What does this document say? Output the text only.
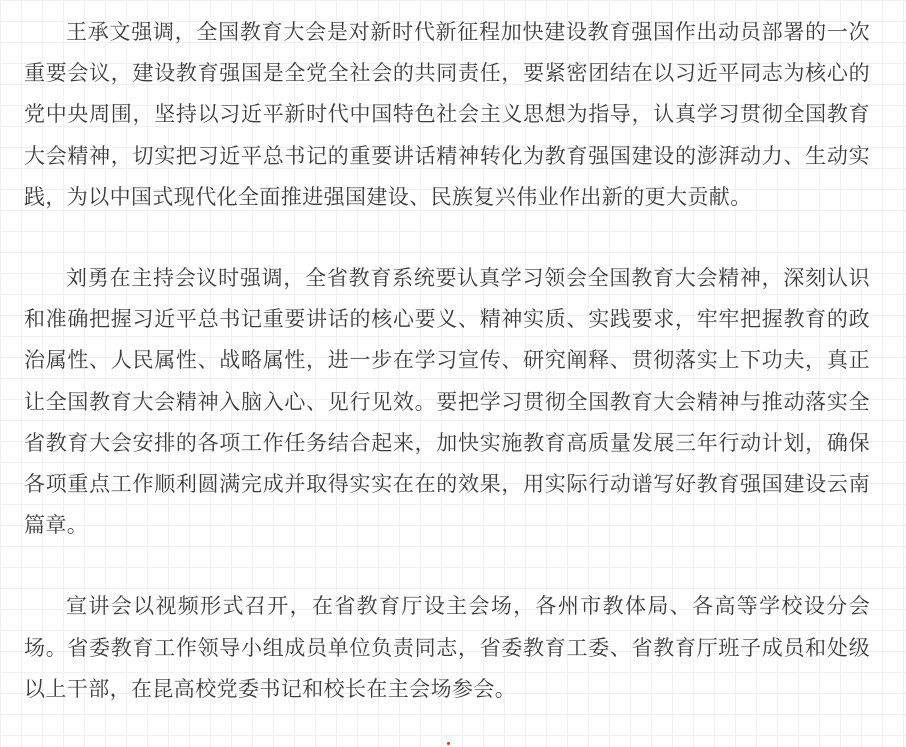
王承文强调，全国教育大会是对新时代新征程加快建设教育强国作出动员部署的一次重要会议，建设教育强国是全党全社会的共同责任，要紧密团结在以习近平同志为核心的党中央周围，坚持以习近平新时代中国特色社会主义思想为指导，认真学习贯彻全国教育大会精神，切实把习近平总书记的重要讲话精神转化为教育强国建设的澎湃动力、生动实践，为以中国式现代化全面推进强国建设、民族复兴伟业作出新的更大贡献。

刘勇在主持会议时强调，全省教育系统要认真学习领会全国教育大会精神，深刻认识和准确把握习近平总书记重要讲话的核心要义、精神实质、实践要求，牢牢把握教育的政治属性、人民属性、战略属性，进一步在学习宣传、研究阐释、贯彻落实上下功夫，真正让全国教育大会精神入脑入心、见行见效。要把学习贯彻全国教育大会精神与推动落实全省教育大会安排的各项工作任务结合起来，加快实施教育高质量发展三年行动计划，确保各项重点工作顺利圆满完成并取得实实在在的效果，用实际行动谱写好教育强国建设云南篇章。

宣讲会以视频形式召开，在省教育厅设主会场，各州市教体局、各高等学校设分会场。省委教育工作领导小组成员单位负责同志，省委教育工委、省教育厅班子成员和处级以上干部，在昆高校党委书记和校长在主会场参会。
